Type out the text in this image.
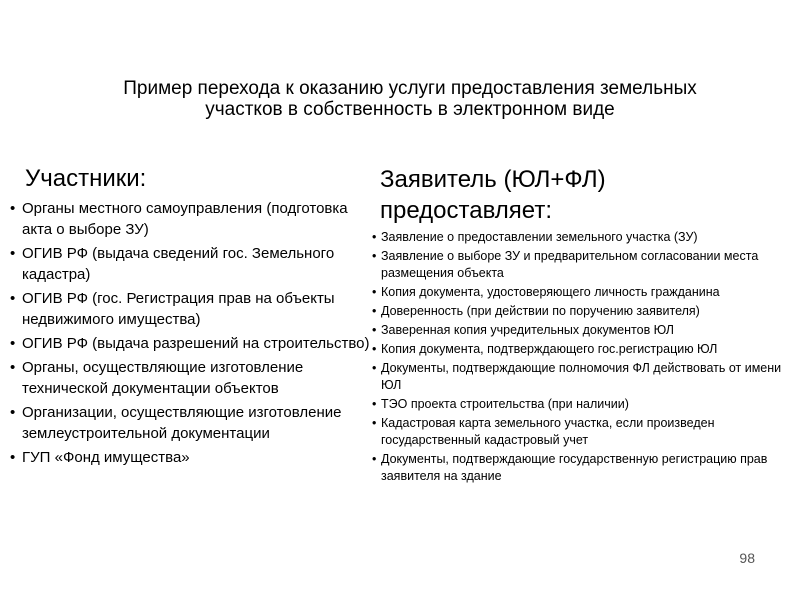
Пример перехода к оказанию услуги предоставления земельных
участков в собственность в электронном виде
Участники:
• Органы местного самоуправления (подготовка акта о выборе ЗУ)
• ОГИВ РФ (выдача сведений гос. Земельного кадастра)
• ОГИВ РФ (гос. Регистрация прав на объекты недвижимого имущества)
• ОГИВ РФ (выдача разрешений на строительство)
• Органы, осуществляющие изготовление технической документации объектов
• Организации, осуществляющие изготовление землеустроительной документации
• ГУП «Фонд имущества»
Заявитель (ЮЛ+ФЛ)
предоставляет:
• Заявление о предоставлении земельного участка (ЗУ)
• Заявление о выборе ЗУ и предварительном согласовании места размещения объекта
• Копия документа, удостоверяющего личность гражданина
• Доверенность (при действии по поручению заявителя)
• Заверенная копия учредительных документов ЮЛ
• Копия документа, подтверждающего гос.регистрацию ЮЛ
• Документы, подтверждающие полномочия ФЛ действовать от имени ЮЛ
• ТЭО проекта строительства (при наличии)
• Кадастровая карта земельного участка, если произведен государственный кадастровый учет
• Документы, подтверждающие государственную регистрацию прав заявителя на здание
98
